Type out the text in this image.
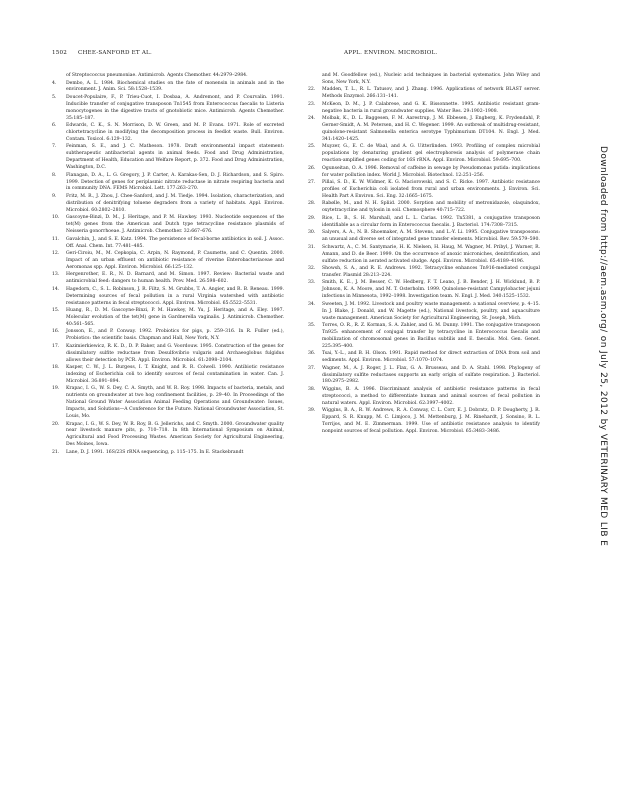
1502 CHEE-SANFORD ET AL.	APPL. ENVIRON. MICROBIOL.
of Streptococcus pneumoniae. Antimicrob. Agents Chemother. 44:2979–2984.
4.	Dembo, A. L. 1984. Biochemical studies on the fate of monensin in animals and in the environment. J. Anim. Sci. 58:1528–1539.
5.	Doucet-Populaire, F., P. Trieu-Cuot, I. Dosbaa, A. Andremont, and P. Courvalin. 1991. Inducible transfer of conjugative transposon Tn1545 from Enterococcus faecalis to Listeria monocytogenes in the digestive tracts of gnotobiotic mice. Antimicrob. Agents Chemother. 35:185–187.
6.	Edwards, C. K., S. N. Morrison, D. W. Green, and M. P. Evans. 1971. Role of excreted chlortetracycline in modifying the decomposition process in feedlot waste. Bull. Environ. Contam. Toxicol. 6:129–132.
7.	Feinman, S. E., and J. C. Matheson. 1978. Draft environmental impact statement: subtherapeutic antibacterial agents in animal feeds. Food and Drug Administration, Department of Health, Education and Welfare Report, p. 372. Food and Drug Administration, Washington, D.C.
8.	Flanagan, D. A., L. G. Gregory, J. P. Carter, A. Karakas-Sen, D. J. Richardson, and S. Spiro. 1999. Detection of genes for periplasmic nitrate reductase in nitrate respiring bacteria and in community DNA. FEMS Microbiol. Lett. 177:263–270.
9.	Fritz, M. R., J. Zhou, J. Chee-Sanford, and J. M. Tiedje. 1994. Isolation, characterization, and distribution of denitrifying toluene degraders from a variety of habitats. Appl. Environ. Microbiol. 60:2802–2810.
10.	Gascoyne-Binzi, D. M., J. Heritage, and P. M. Hawkey. 1993. Nucleotide sequences of the tet(M) genes from the American and Dutch type tetracycline resistance plasmids of Neisseria gonorrhoeae. J. Antimicrob. Chemother. 32:667–676.
11.	Gavalchin, J., and S. E. Katz. 1994. The persistence of fecal-borne antibiotics in soil. J. Assoc. Off. Anal. Chem. Int. 77:481–485.
12.	Geri-Ciroiu, M., M. Cepkopia, C. Arpin, N. Raymond, P. Caumette, and C. Quentin. 2000. Impact of an urban effluent on antibiotic resistance of riverine Enterobacteriaceae and Aeromonas spp. Appl. Environ. Microbiol. 66:125–132.
13.	Hergenrother, E. R., N. D. Barnard, and M. Simon. 1997. Review: Bacterial waste and antimicrobial feed: dangers to human health. Prev. Med. 26:598–602.
14.	Hagedorn, C., S. L. Robinson, J. R. Filtz, S. M. Grubbs, T. A. Angier, and R. B. Reneau. 1999. Determining sources of fecal pollution in a rural Virginia watershed with antibiotic resistance patterns in fecal streptococci. Appl. Environ. Microbiol. 65:5522–5531.
15.	Huang, R., D. M. Gascoyne-Binzi, P. M. Hawkey, M. Yu, J. Heritage, and A. Eley. 1997. Molecular evolution of the tet(M) gene in Gardnerella vaginalis. J. Antimicrob. Chemother. 40:561–565.
16.	Jonsson, E., and P. Conway. 1992. Probiotics for pigs, p. 259–316. In R. Fuller (ed.), Probiotics: the scientific basis. Chapman and Hall, New York, N.Y.
17.	Kazimierkiewicz, R. K. D., D. P. Baker, and G. Voordouw. 1995. Construction of the genes for dissimilatory sulfite reductase from Desulfovibrio vulgaris and Archaeoglobus fulgidus allows their detection by PCR. Appl. Environ. Microbiol. 61:2098–2104.
18.	Kasper, C. W., J. L. Burgess, I. T. Knight, and R. R. Colwell. 1990. Antibiotic resistance indexing of Escherichia coli to identify sources of fecal contamination in water. Can. J. Microbiol. 36:891–894.
19.	Krapac, I. G., W. S. Dey, C. A. Smyth, and W. R. Roy. 1998. Impacts of bacteria, metals, and nutrients on groundwater at two hog confinement facilities, p. 29–40. In Proceedings of the National Ground Water Association Animal Feeding Operations and Groundwater: Issues, Impacts, and Solutions—A Conference for the Future. National Groundwater Association, St. Louis, Mo.
20.	Krapac, I. G., W. S. Dey, W. R. Roy, B. G. Jellerichs, and C. Smyth. 2000. Groundwater quality near livestock manure pits, p. 710–718. In 8th International Symposium on Animal, Agricultural and Food Processing Wastes. American Society for Agricultural Engineering, Des Moines, Iowa.
21.	Lane, D. J. 1991. 16S/23S rRNA sequencing, p. 115–175. In E. Stackebrandt
and M. Goodfellow (ed.), Nucleic acid techniques in bacterial systematics. John Wiley and Sons, New York, N.Y.
22.	Madden, T. L., R. L. Tatusov, and J. Zhang. 1996. Applications of network BLAST server. Methods Enzymol. 266:131–141.
23.	McKeon, D. M., J. P. Calabrese, and G. K. Bissonnette. 1995. Antibiotic resistant gram-negative bacteria in rural groundwater supplies. Water Res. 29:1902–1908.
24.	Molbak, K., D. L. Baggesen, F. M. Aarestrup, J. M. Ebbesen, J. Engberg, K. Frydendahl, P. Gerner-Smidt, A. M. Petersen, and H. C. Wegener. 1999. An outbreak of multidrug-resistant, quinolone-resistant Salmonella enterica serotype Typhimurium DT104. N. Engl. J. Med. 341:1420–1425.
25.	Muyzer, G., E. C. de Waal, and A. G. Uitterlinden. 1993. Profiling of complex microbial populations by denaturing gradient gel electrophoresis analysis of polymerase chain reaction-amplified genes coding for 16S rRNA. Appl. Environ. Microbiol. 59:695–700.
26.	Ogunseitan, O. A. 1996. Removal of caffeine in sewage by Pseudomonas putida: implications for water pollution index. World J. Microbiol. Biotechnol. 12:251–256.
27.	Pillai, S. D., K. W. Widmer, K. G. Maciorowski, and S. C. Ricke. 1997. Antibiotic resistance profiles of Escherichia coli isolated from rural and urban environments. J. Environ. Sci. Health Part A Environ. Sci. Eng. 32:1665–1675.
28.	Rabølle, M., and N. H. Spliid. 2000. Sorption and mobility of metronidazole, olaquindox, oxytetracycline and tylosin in soil. Chemosphere 40:715–722.
29.	Rice, L. B., S. H. Marshall, and L. L. Carias. 1992. Tn5381, a conjugative transposon identifiable as a circular form in Enterococcus faecalis. J. Bacteriol. 174:7308–7315.
30.	Salyers, A. A., N. B. Shoemaker, A. M. Stevens, and L.-Y. Li. 1995. Conjugative transposons: an unusual and diverse set of integrated gene transfer elements. Microbiol. Rev. 59:579–590.
31.	Schwartz, A., C. M. Santymarie, H. K. Nielsen, H. Haug, M. Wagner, M. Pribyl, J. Warner, R. Amann, and D. de Beer. 1999. On the occurrence of anoxic microniches, denitrification, and sulfate reduction in aerated activated sludge. Appl. Environ. Microbiol. 65:4189–4196.
32.	Showsh, S. A., and R. E. Andrews. 1992. Tetracycline enhances Tn916-mediated conjugal transfer. Plasmid 28:213–224.
33.	Smith, K. E., J. M. Besser, C. W. Hedberg, F. T. Leano, J. B. Bender, J. H. Wicklund, B. P. Johnson, K. A. Moore, and M. T. Osterholm. 1999. Quinolone-resistant Campylobacter jejuni infections in Minnesota, 1992–1998. Investigation team. N. Engl. J. Med. 340:1525–1532.
34.	Sweeten, J. M. 1992. Livestock and poultry waste management: a national overview, p. 4–15. In J. Blake, J. Donald, and W. Magette (ed.), National livestock, poultry, and aquaculture waste management. American Society for Agricultural Engineering, St. Joseph, Mich.
35.	Torres, O. R., R. Z. Korman, S. A. Zahler, and G. M. Dunny. 1991. The conjugative transposon Tn925: enhancement of conjugal transfer by tetracycline in Enterococcus faecalis and mobilization of chromosomal genes in Bacillus subtilis and E. faecalis. Mol. Gen. Genet. 225:395–400.
36.	Tsai, Y.-L., and B. H. Olson. 1991. Rapid method for direct extraction of DNA from soil and sediments. Appl. Environ. Microbiol. 57:1070–1074.
37.	Wagner, M., A. J. Roger, J. L. Flax, G. A. Brusseau, and D. A. Stahl. 1998. Phylogeny of dissimilatory sulfite reductases supports an early origin of sulfate respiration. J. Bacteriol. 180:2975–2982.
38.	Wiggins, B. A. 1996. Discriminant analysis of antibiotic resistance patterns in fecal streptococci, a method to differentiate human and animal sources of fecal pollution in natural waters. Appl. Environ. Microbiol. 62:3997–4002.
39.	Wiggins, B. A., R. W. Andrews, R. A. Conway, C. L. Corr, E. J. Dobratz, D. P. Dougherty, J. R. Eppard, S. R. Knupp, M. C. Limjoco, J. M. Mettenburg, J. M. Rinehardt, J. Sonsino, R. L. Torrijos, and M. E. Zimmerman. 1999. Use of antibiotic resistance analysis to identify nonpoint sources of fecal pollution. Appl. Environ. Microbiol. 65:3483–3486.	Downloaded from http://aem.asm.org/ on July 25, 2012 by VETERINARY MED LIB E
